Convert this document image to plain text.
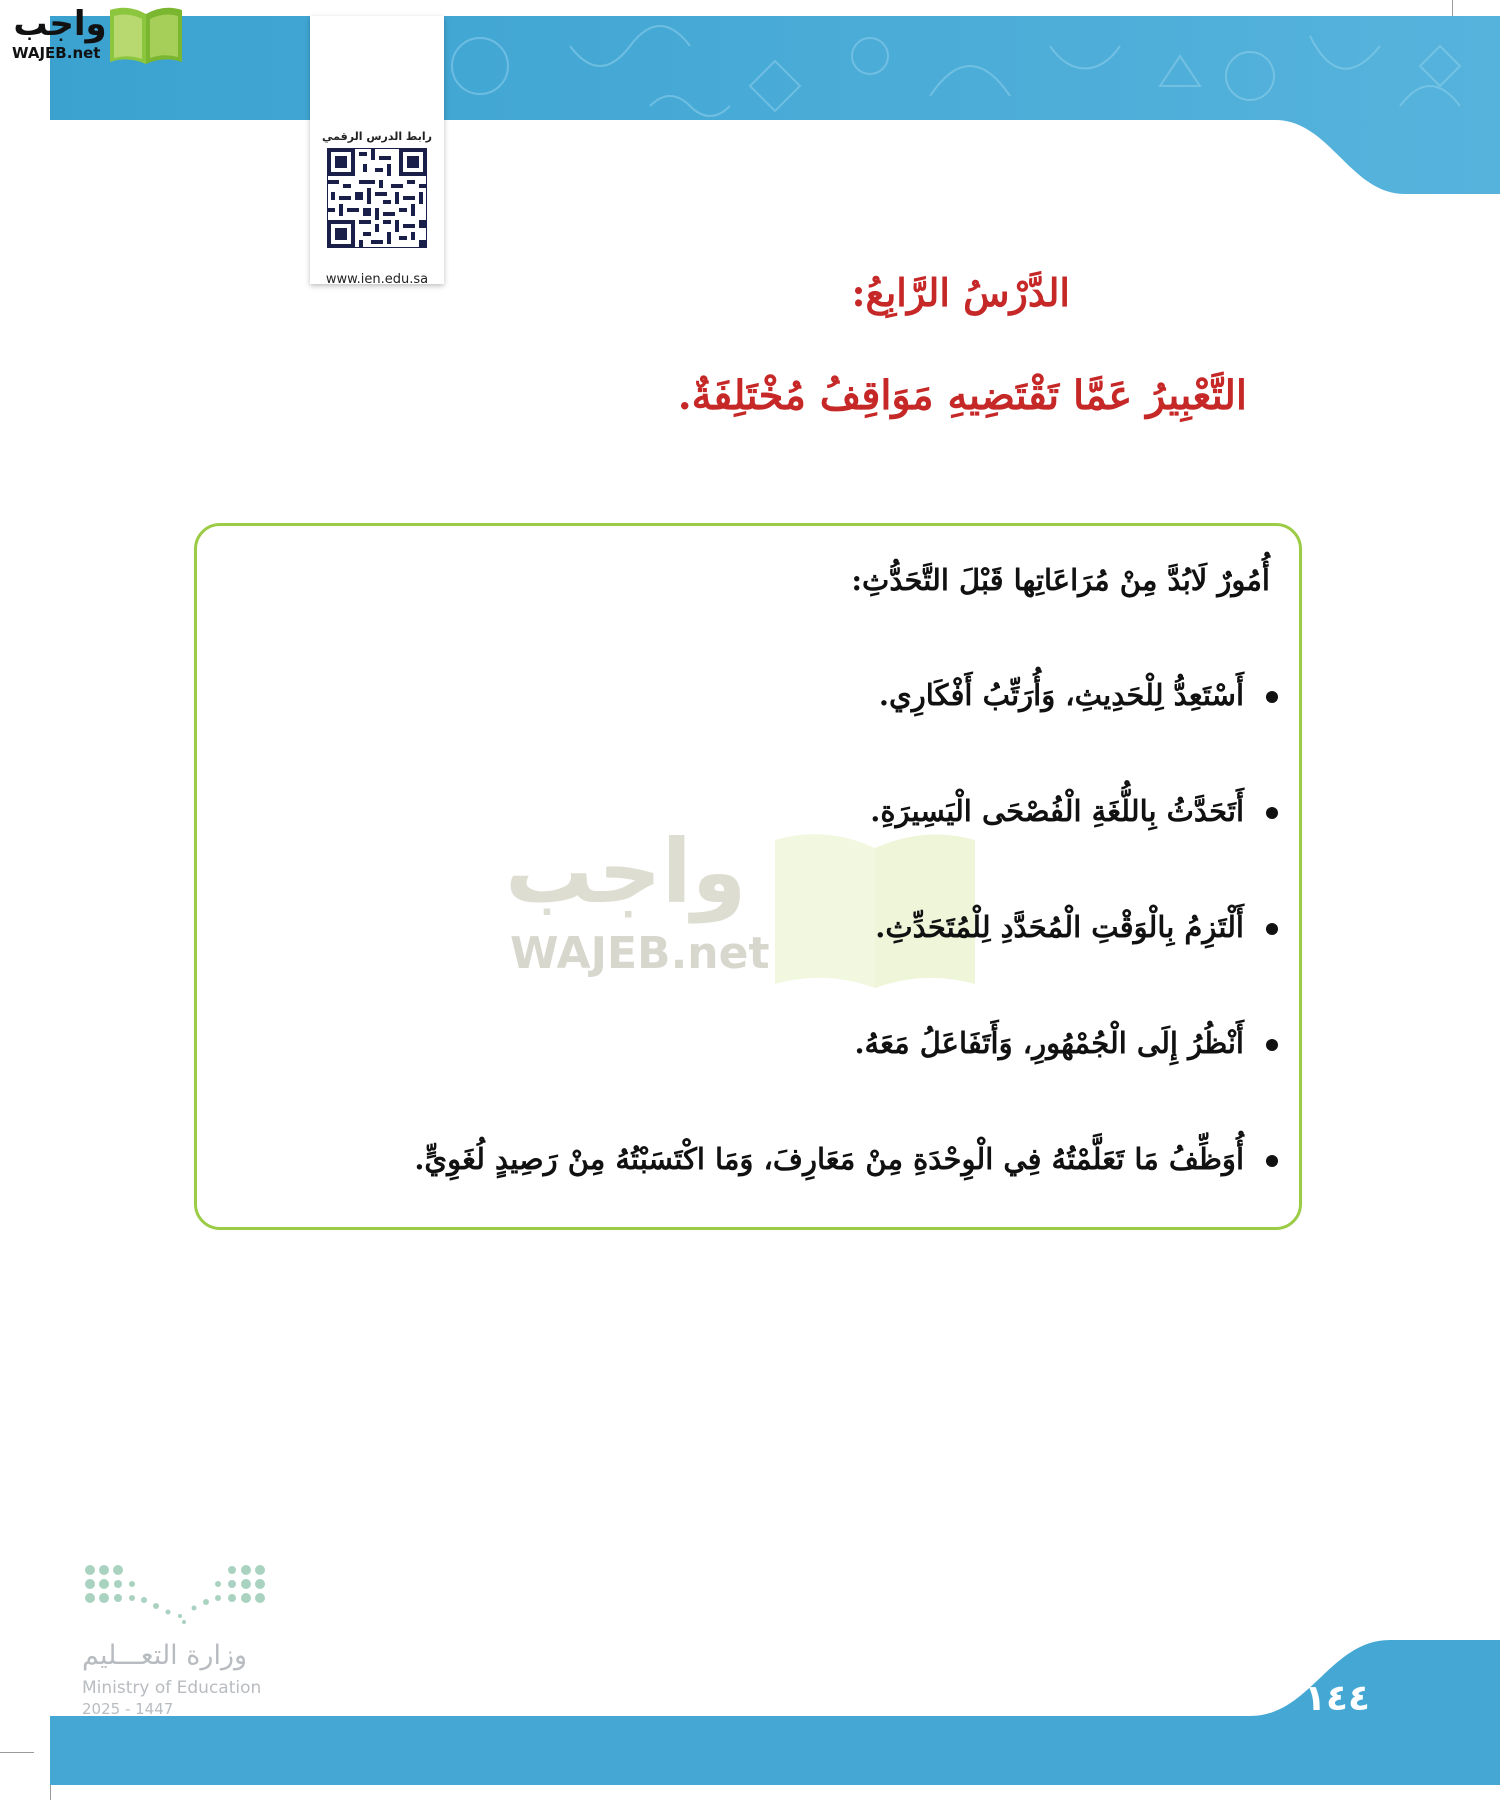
واجب
WAJEB.net
رابط الدرس الرقمي
www.ien.edu.sa	الدَّرْسُ الرَّابِعُ:
التَّعْبِيرُ عَمَّا تَقْتَضِيهِ مَوَاقِفُ مُخْتَلِفَةٌ.
واجب
WAJEB.net

أُمُورٌ لَابُدَّ مِنْ مُرَاعَاتِها قَبْلَ التَّحَدُّثِ:

أَسْتَعِدُّ لِلْحَدِيثِ، وَأُرَتِّبُ أَفْكَارِي.
أَتَحَدَّثُ بِاللُّغَةِ الْفُصْحَى الْيَسِيرَةِ.
أَلْتَزِمُ بِالْوَقْتِ الْمُحَدَّدِ لِلْمُتَحَدِّثِ.
أَنْظُرُ إِلَى الْجُمْهُورِ، وَأَتَفَاعَلُ مَعَهُ.
أُوَظِّفُ مَا تَعَلَّمْتُهُ فِي الْوِحْدَةِ مِنْ مَعَارِفَ، وَمَا اكْتَسَبْتُهُ مِنْ رَصِيدٍ لُغَوِيٍّ.
وزارة التعـــليم
Ministry of Education
2025 - 1447	١٤٤
